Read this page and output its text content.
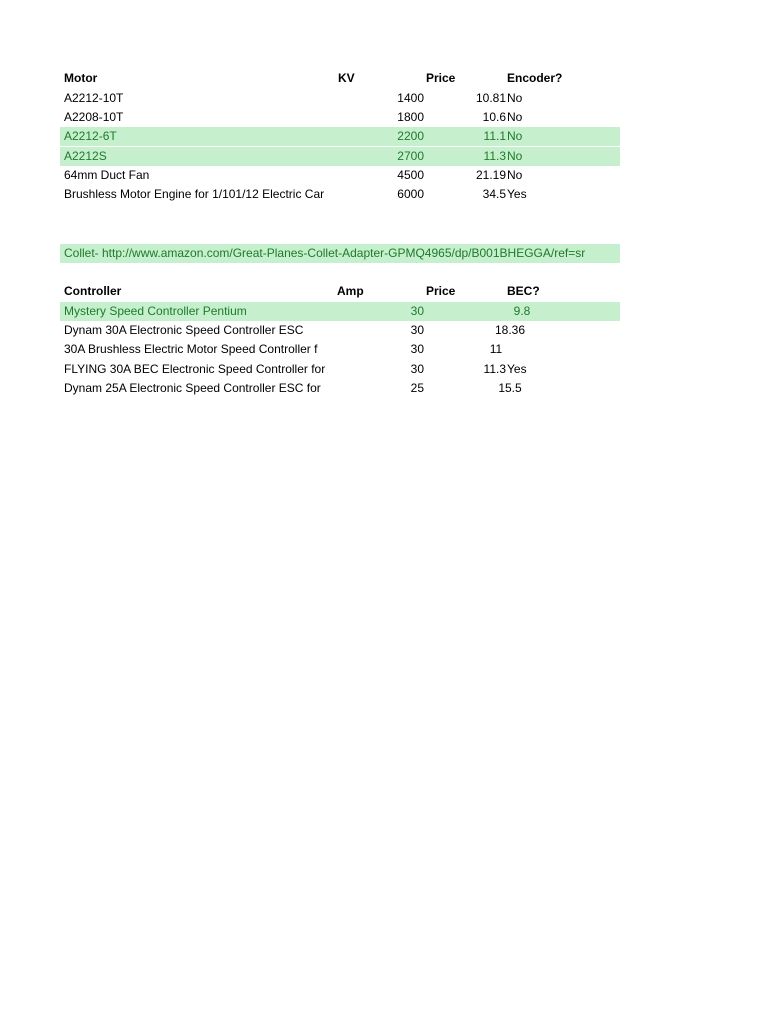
Motor	KV	Price	Encoder?
A2212-10T	1400	10.81 No
A2208-10T	1800	10.6 No
A2212-6T	2200	11.1 No
A2212S	2700	11.3 No
64mm Duct Fan	4500	21.19 No
Brushless Motor Engine for 1/101/12 Electric Car	6000	34.5 Yes
Collet- http://www.amazon.com/Great-Planes-Collet-Adapter-GPMQ4965/dp/B001BHEGGA/ref=sr
Controller	Amp	Price	BEC?
Mystery Speed Controller Pentium	30	9.8
Dynam 30A Electronic Speed Controller ESC	30	18.36
30A Brushless Electric Motor Speed Controller f	30	11
FLYING 30A BEC Electronic Speed Controller for	30	11.3 Yes
Dynam 25A Electronic Speed Controller ESC for	25	15.5
